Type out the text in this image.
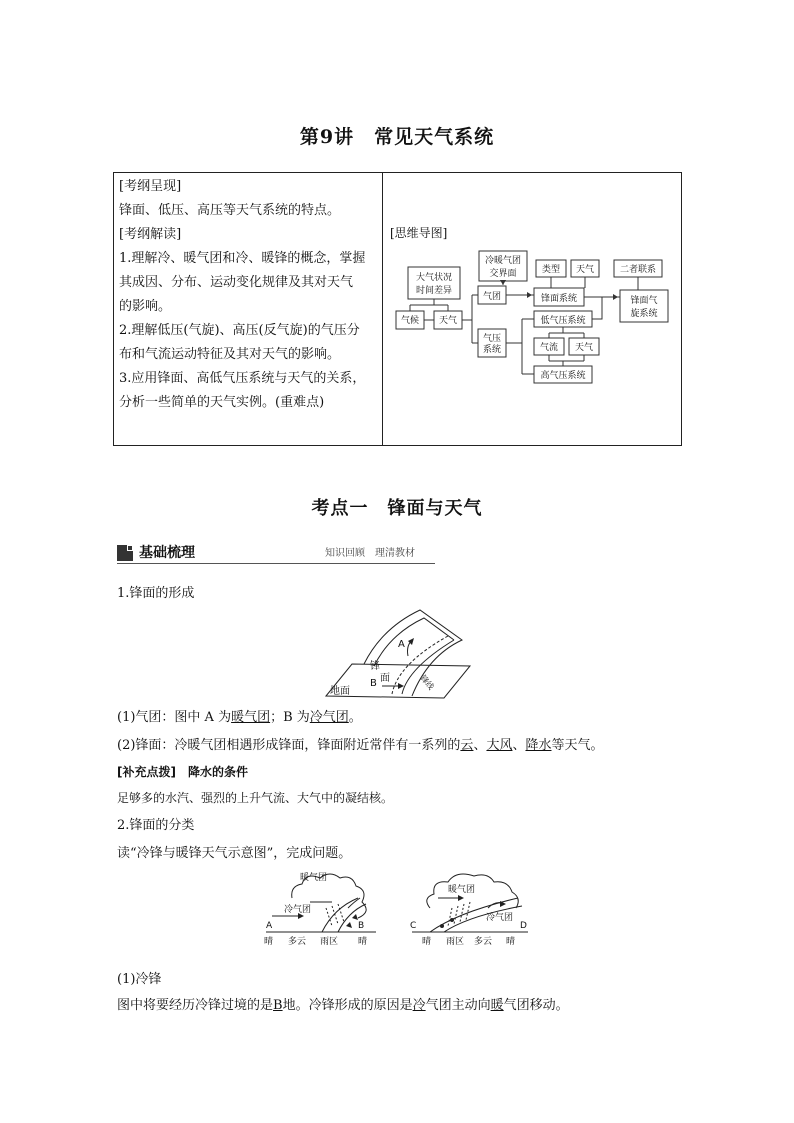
第9讲　常见天气系统

[考纲呈现]

锋面、低压、高压等天气系统的特点。

[考纲解读]

1.理解冷、暖气团和冷、暖锋的概念，掌握

其成因、分布、运动变化规律及其对天气

的影响。

2.理解低压(气旋)、高压(反气旋)的气压分

布和气流运动特征及其对天气的影响。

3.应用锋面、高低气压系统与天气的关系，

分析一些简单的天气实例。(重难点)

[思维导图]
大气状况
时间差异
气候 天气
气团
气压
系统
冷暖气团
交界面	类型 天气
锋面系统
二者联系
锋面气
旋系统
低气压系统
气流 天气
高气压系统
考点一　锋面与天气
基础梳理	知识回顾　理清教材
1.锋面的形成
A
B
锋
面
地面	锋线
(1)气团：图中 A 为暖气团；B 为冷气团。
(2)锋面：冷暖气团相遇形成锋面，锋面附近常伴有一系列的云、大风、降水等天气。
[补充点拨]　降水的条件
足够多的水汽、强烈的上升气流、大气中的凝结核。
2.锋面的分类
读“冷锋与暖锋天气示意图”，完成问题。
暖气团
冷气团
A	B
晴 多云 雨区 晴
暖气团
冷气团
C	D
晴 雨区 多云 晴
(1)冷锋
图中将要经历冷锋过境的是B地。冷锋形成的原因是冷气团主动向暖气团移动。
